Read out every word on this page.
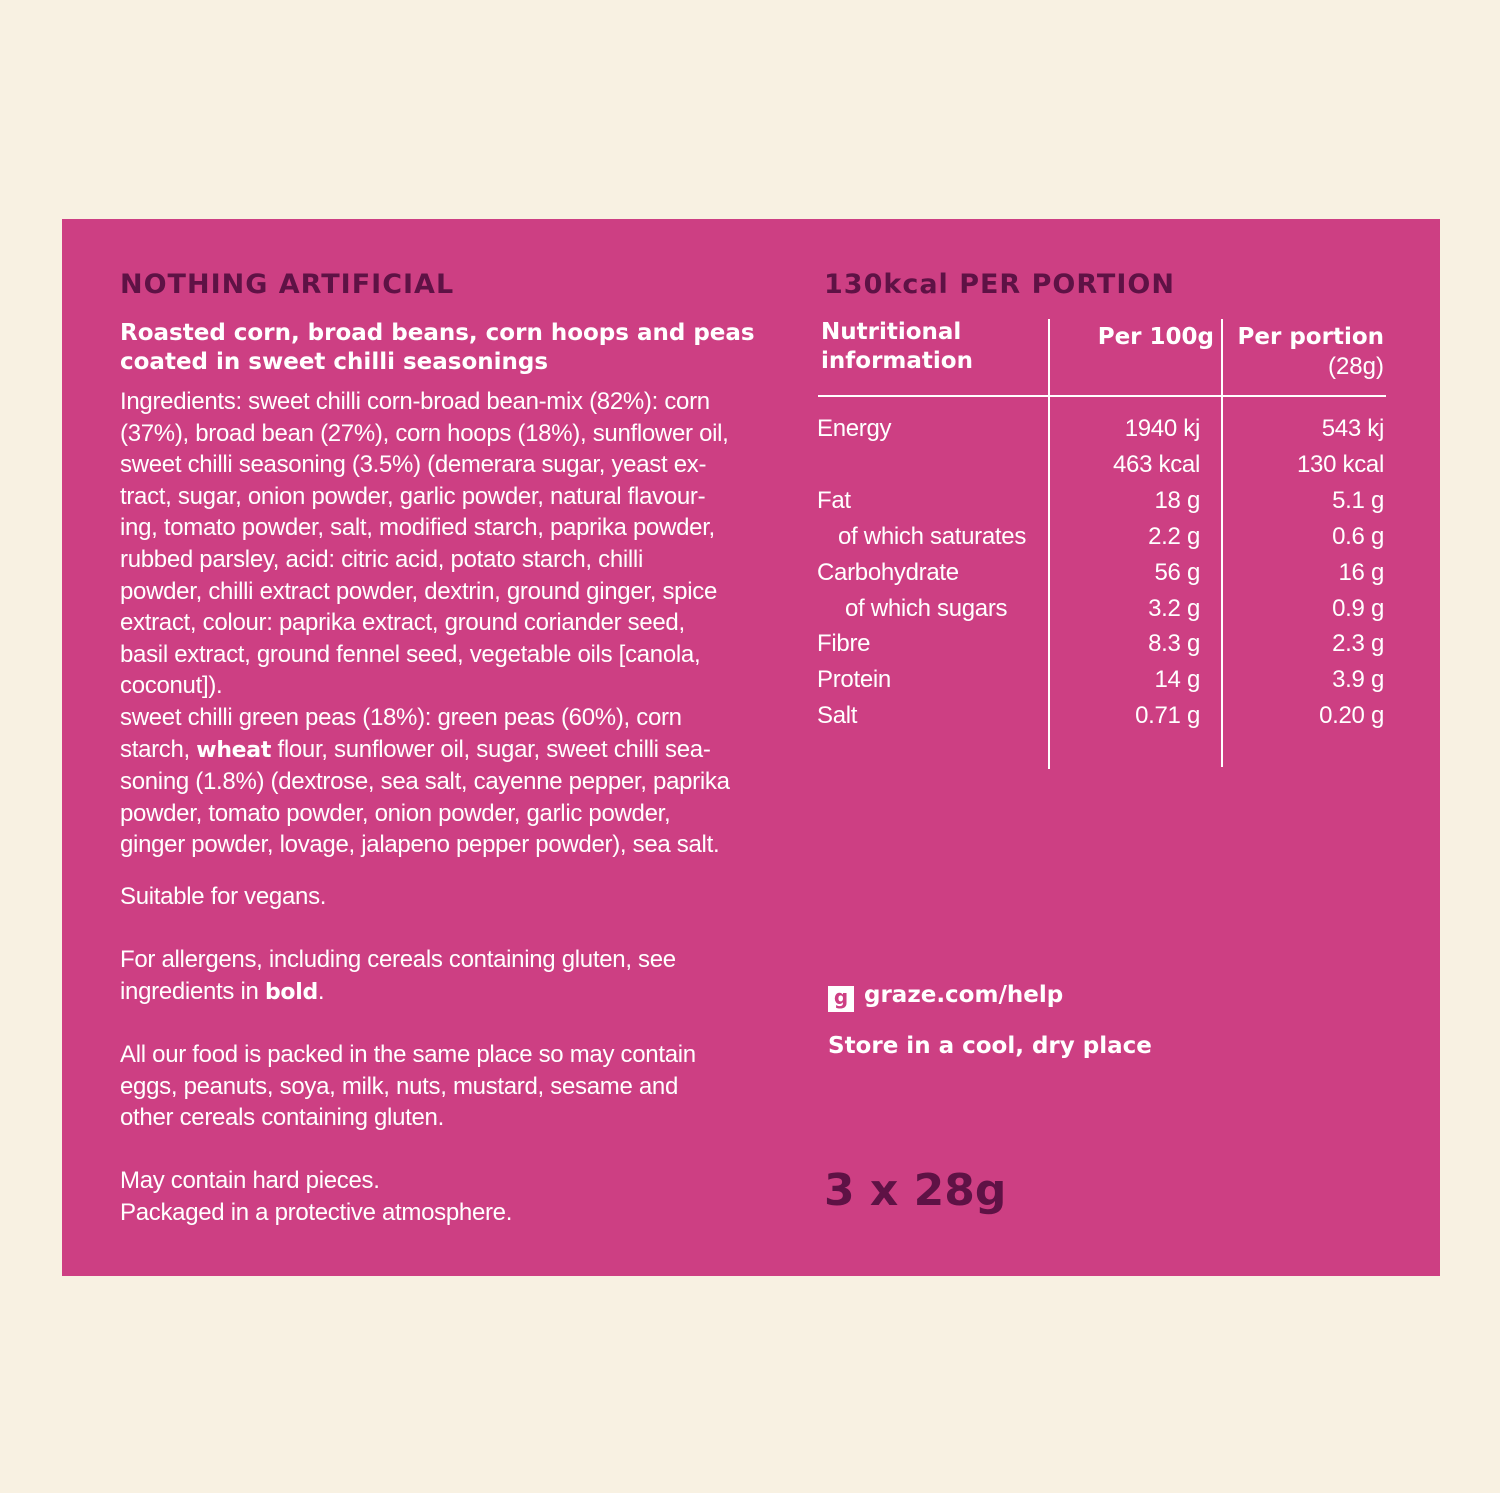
NOTHING ARTIFICIAL
Roasted corn, broad beans, corn hoops and peas coated in sweet chilli seasonings
Ingredients: sweet chilli corn-broad bean-mix (82%): corn
(37%), broad bean (27%), corn hoops (18%), sunflower oil,
sweet chilli seasoning (3.5%) (demerara sugar, yeast ex-
tract, sugar, onion powder, garlic powder, natural flavour-
ing, tomato powder, salt, modified starch, paprika powder,
rubbed parsley, acid: citric acid, potato starch, chilli
powder, chilli extract powder, dextrin, ground ginger, spice
extract, colour: paprika extract, ground coriander seed,
basil extract, ground fennel seed, vegetable oils [canola,
coconut]).
sweet chilli green peas (18%): green peas (60%), corn
starch, wheat flour, sunflower oil, sugar, sweet chilli sea-
soning (1.8%) (dextrose, sea salt, cayenne pepper, paprika
powder, tomato powder, onion powder, garlic powder,
ginger powder, lovage, jalapeno pepper powder), sea salt.
Suitable for vegans.
For allergens, including cereals containing gluten, see
ingredients in bold.
All our food is packed in the same place so may contain
eggs, peanuts, soya, milk, nuts, mustard, sesame and
other cereals containing gluten.
May contain hard pieces.
Packaged in a protective atmosphere.
130kcal PER PORTION
Nutritional
information
Per 100g	Per portion
(28g)
Energy	1940 kj	543 kj
463 kcal	130 kcal
Fat	18 g	5.1 g
of which saturates	2.2 g	0.6 g
Carbohydrate	56 g	16 g
of which sugars	3.2 g	0.9 g
Fibre	8.3 g	2.3 g
Protein	14 g	3.9 g
Salt	0.71 g	0.20 g
g graze.com/help
Store in a cool, dry place
3 x 28g
